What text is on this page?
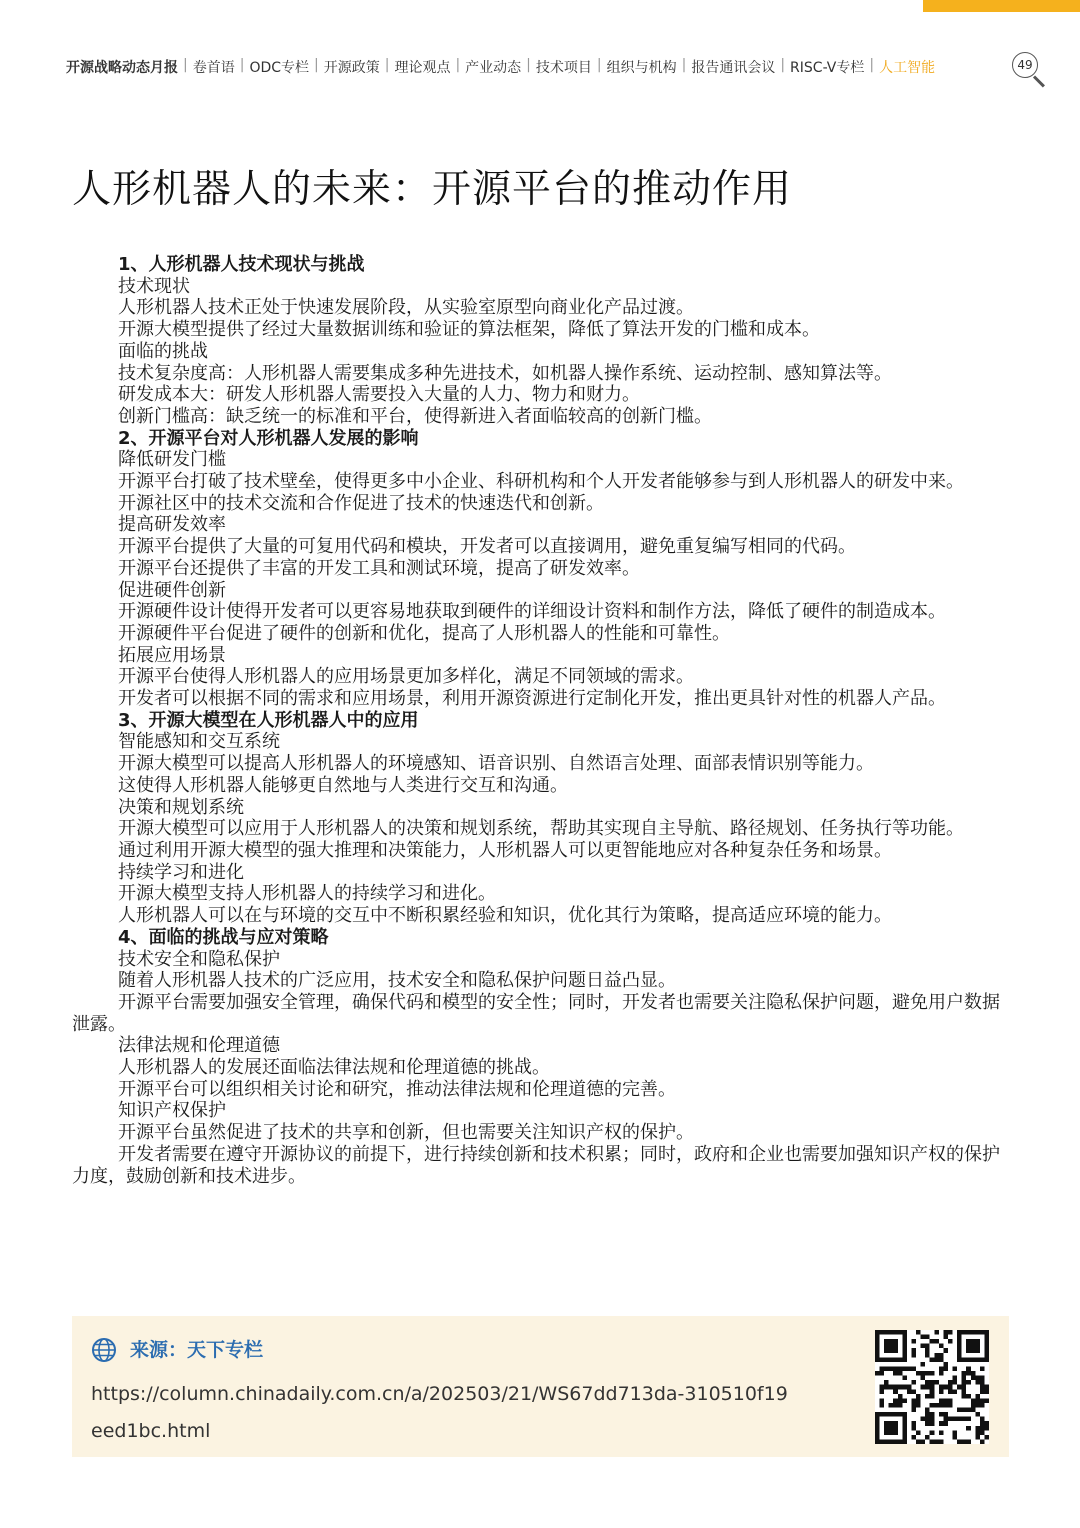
开源战略动态月报 | 卷首语 | ODC专栏 | 开源政策 | 理论观点 | 产业动态 | 技术项目 | 组织与机构 | 报告通讯会议 | RISC-V专栏 | 人工智能	49
人形机器人的未来：开源平台的推动作用

1、人形机器人技术现状与挑战

技术现状

人形机器人技术正处于快速发展阶段，从实验室原型向商业化产品过渡。

开源大模型提供了经过大量数据训练和验证的算法框架，降低了算法开发的门槛和成本。

面临的挑战

技术复杂度高：人形机器人需要集成多种先进技术，如机器人操作系统、运动控制、感知算法等。

研发成本大：研发人形机器人需要投入大量的人力、物力和财力。

创新门槛高：缺乏统一的标准和平台，使得新进入者面临较高的创新门槛。

2、开源平台对人形机器人发展的影响

降低研发门槛

开源平台打破了技术壁垒，使得更多中小企业、科研机构和个人开发者能够参与到人形机器人的研发中来。

开源社区中的技术交流和合作促进了技术的快速迭代和创新。

提高研发效率

开源平台提供了大量的可复用代码和模块，开发者可以直接调用，避免重复编写相同的代码。

开源平台还提供了丰富的开发工具和测试环境，提高了研发效率。

促进硬件创新

开源硬件设计使得开发者可以更容易地获取到硬件的详细设计资料和制作方法，降低了硬件的制造成本。

开源硬件平台促进了硬件的创新和优化，提高了人形机器人的性能和可靠性。

拓展应用场景

开源平台使得人形机器人的应用场景更加多样化，满足不同领域的需求。

开发者可以根据不同的需求和应用场景，利用开源资源进行定制化开发，推出更具针对性的机器人产品。

3、开源大模型在人形机器人中的应用

智能感知和交互系统

开源大模型可以提高人形机器人的环境感知、语音识别、自然语言处理、面部表情识别等能力。

这使得人形机器人能够更自然地与人类进行交互和沟通。

决策和规划系统

开源大模型可以应用于人形机器人的决策和规划系统，帮助其实现自主导航、路径规划、任务执行等功能。

通过利用开源大模型的强大推理和决策能力，人形机器人可以更智能地应对各种复杂任务和场景。

持续学习和进化

开源大模型支持人形机器人的持续学习和进化。

人形机器人可以在与环境的交互中不断积累经验和知识，优化其行为策略，提高适应环境的能力。

4、面临的挑战与应对策略

技术安全和隐私保护

随着人形机器人技术的广泛应用，技术安全和隐私保护问题日益凸显。

开源平台需要加强安全管理，确保代码和模型的安全性；同时，开发者也需要关注隐私保护问题，避免用户数据泄露。

法律法规和伦理道德

人形机器人的发展还面临法律法规和伦理道德的挑战。

开源平台可以组织相关讨论和研究，推动法律法规和伦理道德的完善。

知识产权保护

开源平台虽然促进了技术的共享和创新，但也需要关注知识产权的保护。

开发者需要在遵守开源协议的前提下，进行持续创新和技术积累；同时，政府和企业也需要加强知识产权的保护力度，鼓励创新和技术进步。

来源：天下专栏
https://column.chinadaily.com.cn/a/202503/21/WS67dd713da-310510f19eed1bc.html
